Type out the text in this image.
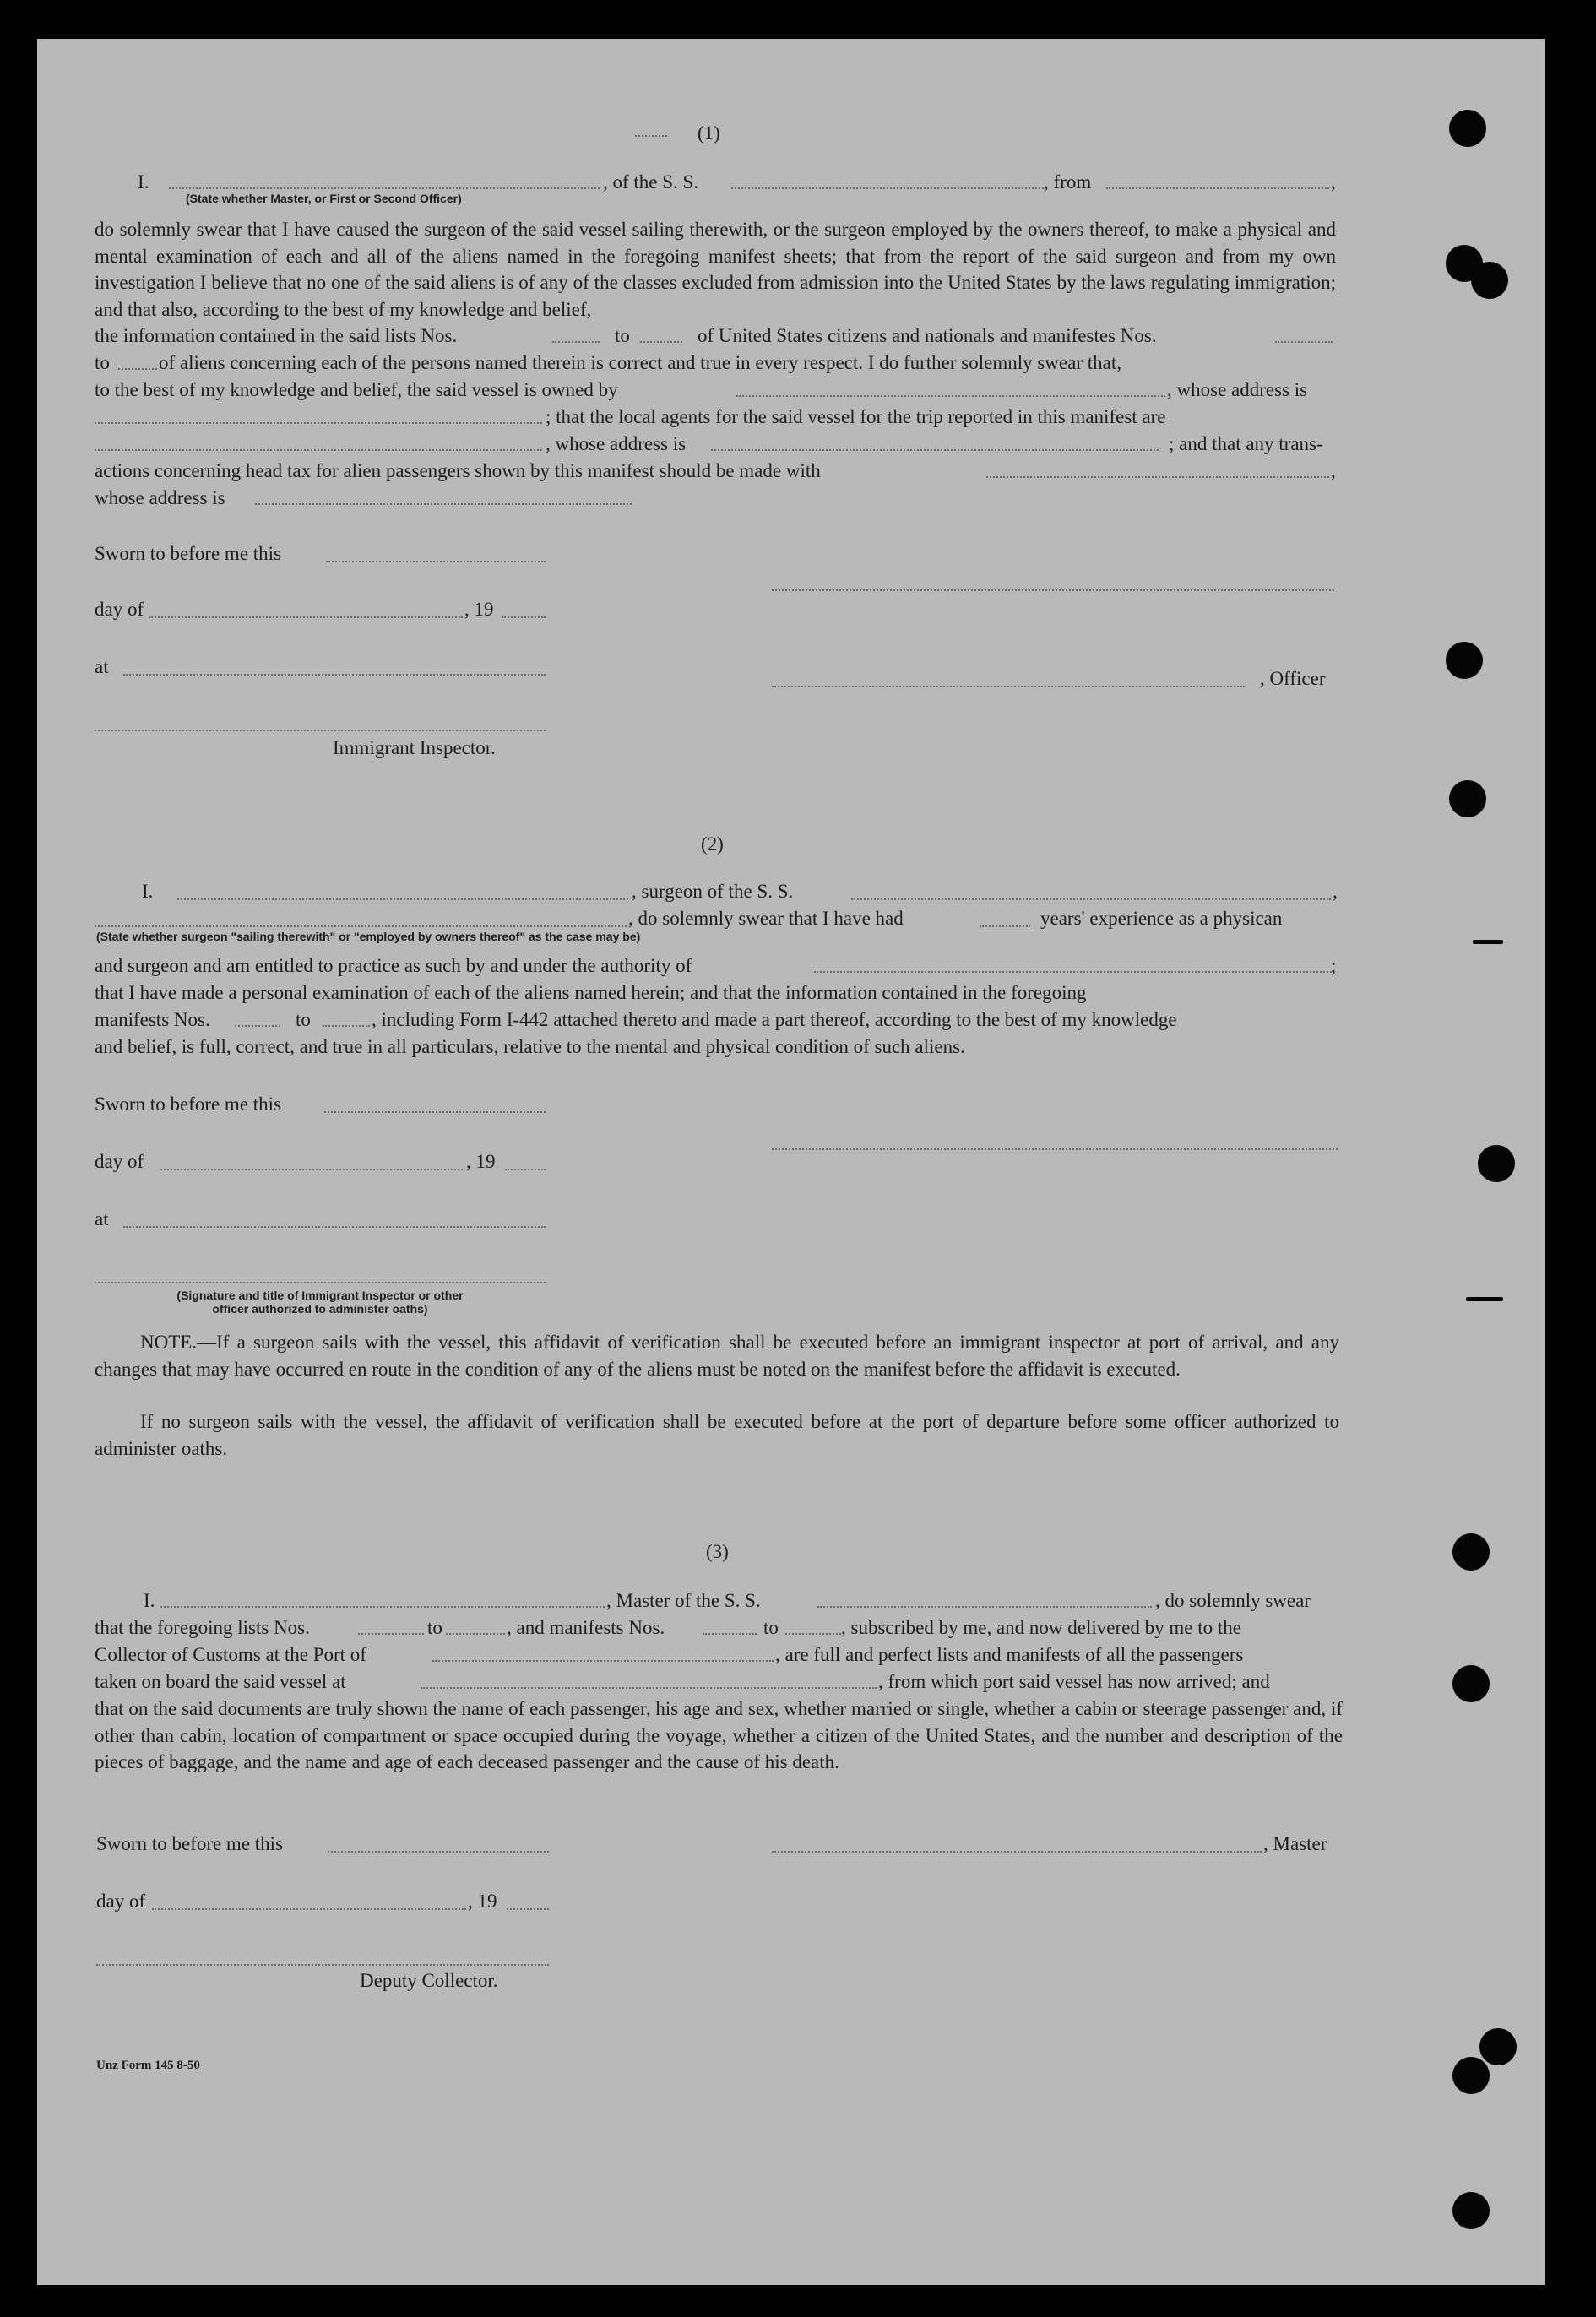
(1)
I.	, of the S. S.	, from	,
(State whether Master, or First or Second Officer)
do solemnly swear that I have caused the surgeon of the said vessel sailing therewith, or the surgeon employed by the owners thereof, to make a physical and mental examination of each and all of the aliens named in the foregoing manifest sheets; that from the report of the said surgeon and from my own investigation I believe that no one of the said aliens is of any of the classes excluded from admission into the United States by the laws regulating immigration; and that also, according to the best of my knowledge and belief,
the information contained in the said lists Nos.	to	of United States citizens and nationals and manifestes Nos.
to	of aliens concerning each of the persons named therein is correct and true in every respect. I do further solemnly swear that,
to the best of my knowledge and belief, the said vessel is owned by	, whose address is
; that the local agents for the said vessel for the trip reported in this manifest are
, whose address is	; and that any trans-
actions concerning head tax for alien passengers shown by this manifest should be made with	,
whose address is
Sworn to before me this
day of	, 19
at
, Officer
Immigrant Inspector.
(2)
I.	, surgeon of the S. S.	,
, do solemnly swear that I have had	years' experience as a physican
(State whether surgeon "sailing therewith" or "employed by owners thereof" as the case may be)
and surgeon and am entitled to practice as such by and under the authority of	;
that I have made a personal examination of each of the aliens named herein; and that the information contained in the foregoing
manifests Nos.	to	, including Form I-442 attached thereto and made a part thereof, according to the best of my knowledge
and belief, is full, correct, and true in all particulars, relative to the mental and physical condition of such aliens.
Sworn to before me this
day of	, 19
at
(Signature and title of Immigrant Inspector or other
officer authorized to administer oaths)
NOTE.—If a surgeon sails with the vessel, this affidavit of verification shall be executed before an immigrant inspector at port of arrival, and any changes that may have occurred en route in the condition of any of the aliens must be noted on the manifest before the affidavit is executed.
If no surgeon sails with the vessel, the affidavit of verification shall be executed before at the port of departure before some officer authorized to administer oaths.
(3)
I.	, Master of the S. S.	, do solemnly swear
that the foregoing lists Nos.	to	, and manifests Nos.	to	, subscribed by me, and now delivered by me to the
Collector of Customs at the Port of	, are full and perfect lists and manifests of all the passengers
taken on board the said vessel at	, from which port said vessel has now arrived; and
that on the said documents are truly shown the name of each passenger, his age and sex, whether married or single, whether a cabin or steerage passenger and, if other than cabin, location of compartment or space occupied during the voyage, whether a citizen of the United States, and the number and description of the pieces of baggage, and the name and age of each deceased passenger and the cause of his death.
Sworn to before me this	, Master
day of	, 19
Deputy Collector.
Unz Form 145 8-50
